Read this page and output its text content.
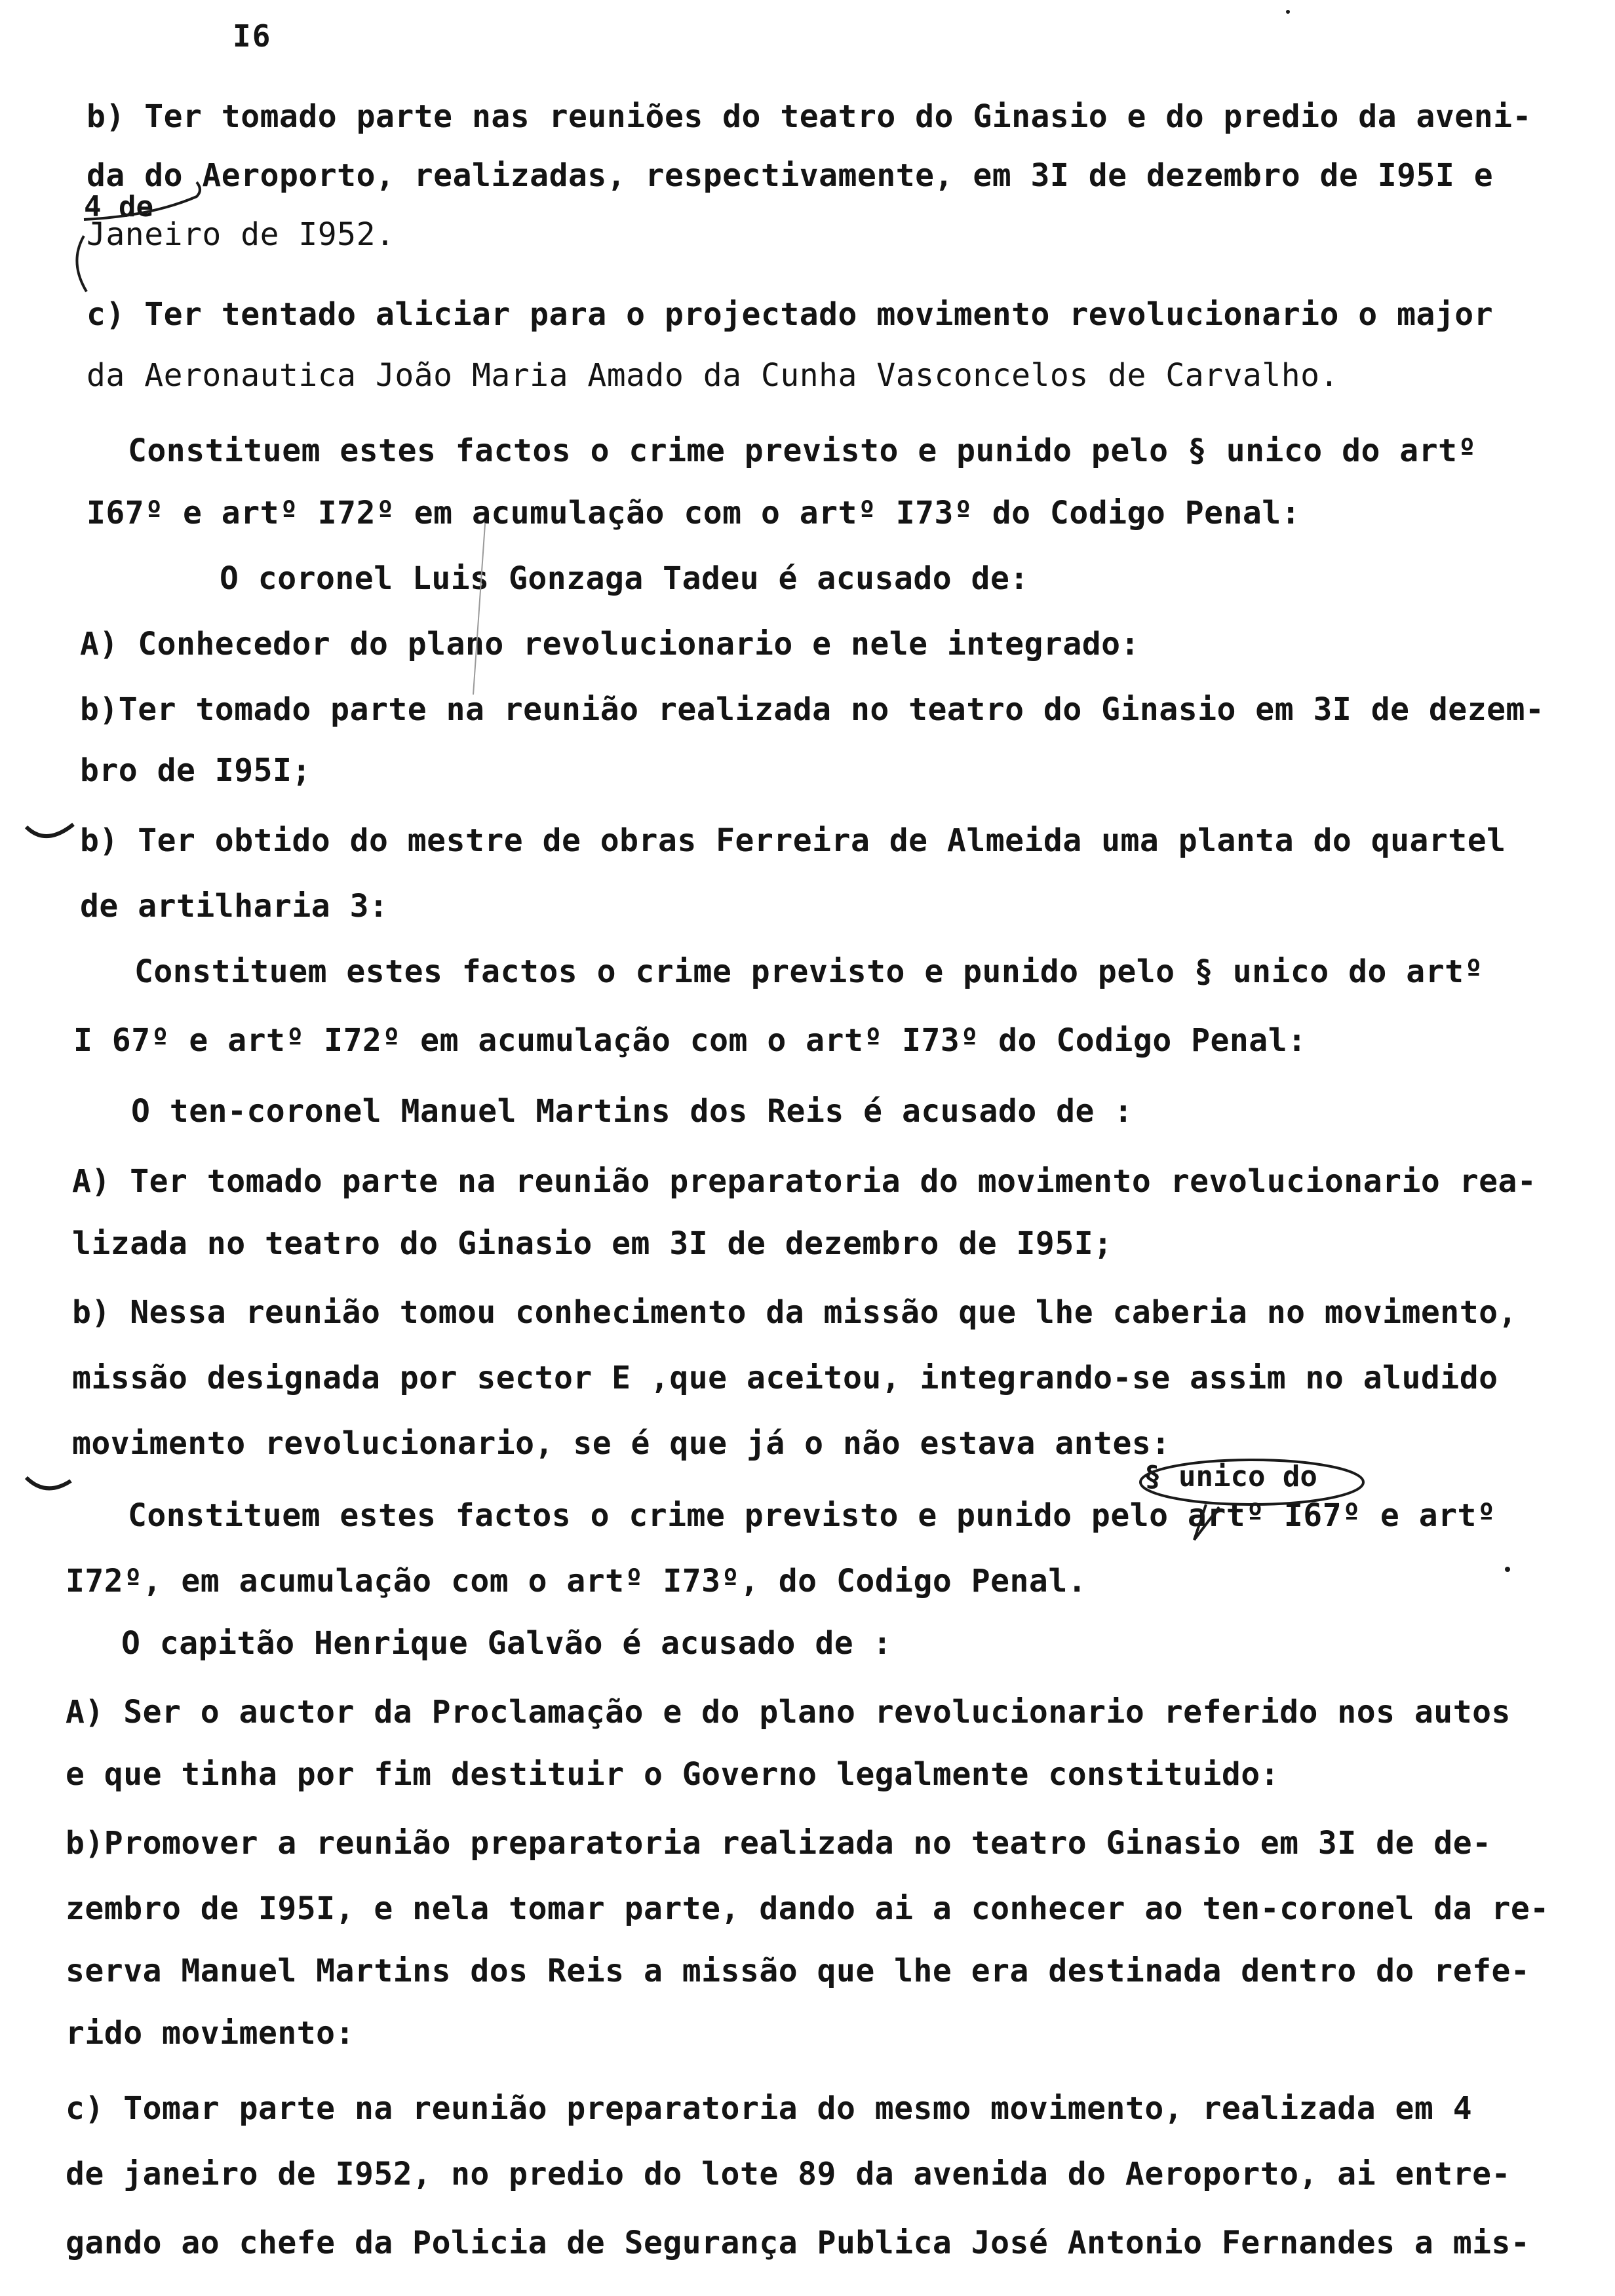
I6
b) Ter tomado parte nas reuniões do teatro do Ginasio e do predio da aveni-
da do Aeroporto, realizadas, respectivamente, em 3I de dezembro de I95I e
4 de
Janeiro de I952.
c) Ter tentado aliciar para o projectado movimento revolucionario o major
da Aeronautica João Maria Amado da Cunha Vasconcelos de Carvalho.
Constituem estes factos o crime previsto e punido pelo § unico do artº
I67º e artº I72º em acumulação com o artº I73º do Codigo Penal:
O coronel Luis Gonzaga Tadeu é acusado de:
A) Conhecedor do plano revolucionario e nele integrado:
b)Ter tomado parte na reunião realizada no teatro do Ginasio em 3I de dezem-
bro de I95I;
b) Ter obtido do mestre de obras Ferreira de Almeida uma planta do quartel
de artilharia 3:
Constituem estes factos o crime previsto e punido pelo § unico do artº
I 67º e artº I72º em acumulação com o artº I73º do Codigo Penal:
O ten-coronel Manuel Martins dos Reis é acusado de :
A) Ter tomado parte na reunião preparatoria do movimento revolucionario rea-
lizada no teatro do Ginasio em 3I de dezembro de I95I;
b) Nessa reunião tomou conhecimento da missão que lhe caberia no movimento,
missão designada por sector E ,que aceitou, integrando-se assim no aludido
movimento revolucionario, se é que já o não estava antes:
§ unico do
Constituem estes factos o crime previsto e punido pelo artº I67º e artº
I72º, em acumulação com o artº I73º, do Codigo Penal.
O capitão Henrique Galvão é acusado de :
A) Ser o auctor da Proclamação e do plano revolucionario referido nos autos
e que tinha por fim destituir o Governo legalmente constituido:
b)Promover a reunião preparatoria realizada no teatro Ginasio em 3I de de-
zembro de I95I, e nela tomar parte, dando ai a conhecer ao ten-coronel da re-
serva Manuel Martins dos Reis a missão que lhe era destinada dentro do refe-
rido movimento:
c) Tomar parte na reunião preparatoria do mesmo movimento, realizada em 4
de janeiro de I952, no predio do lote 89 da avenida do Aeroporto, ai entre-
gando ao chefe da Policia de Segurança Publica José Antonio Fernandes a mis-
